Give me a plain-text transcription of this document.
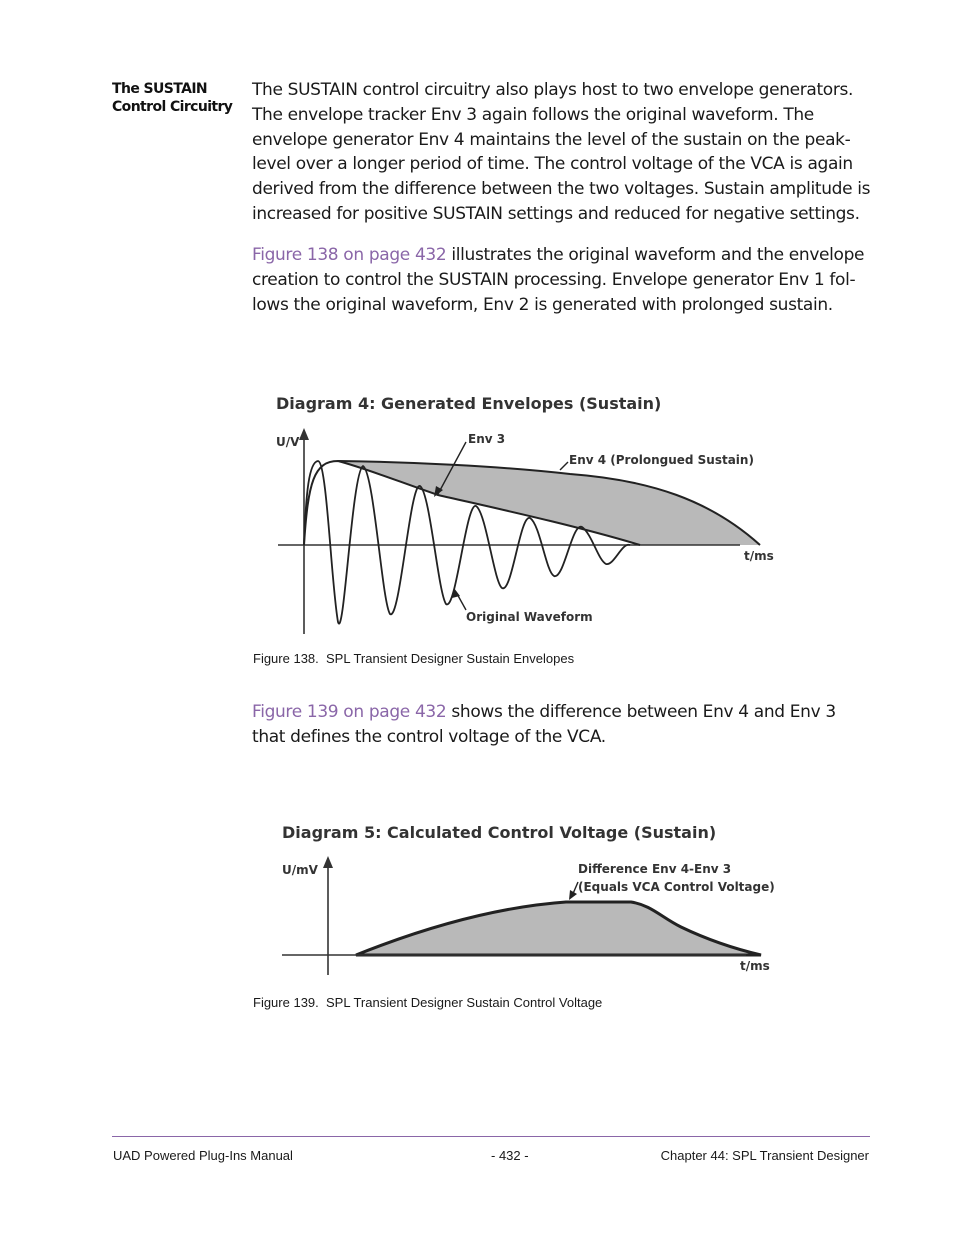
The SUSTAIN
Control Circuitry
The SUSTAIN control circuitry also plays host to two envelope generators. The envelope tracker Env 3 again follows the original waveform. The envelope generator Env 4 maintains the level of the sustain on the peak-level over a longer period of time. The control voltage of the VCA is again derived from the difference between the two voltages. Sustain amplitude is increased for positive SUSTAIN settings and reduced for negative settings.
Figure 138 on page 432 illustrates the original waveform and the envelope creation to control the SUSTAIN processing. Envelope generator Env 1 fol-lows the original waveform, Env 2 is generated with prolonged sustain.
Diagram 4: Generated Envelopes (Sustain)
U/V
t/ms
Env 3
Env 4 (Prolongued Sustain)
Original Waveform
Figure 138.  SPL Transient Designer Sustain Envelopes
Figure 139 on page 432 shows the difference between Env 4 and Env 3 that defines the control voltage of the VCA.
Diagram 5: Calculated Control Voltage (Sustain)
U/mV
t/ms
Difference Env 4-Env 3
(Equals VCA Control Voltage)
Figure 139.  SPL Transient Designer Sustain Control Voltage
UAD Powered Plug-Ins Manual	- 432 -	Chapter 44: SPL Transient Designer
